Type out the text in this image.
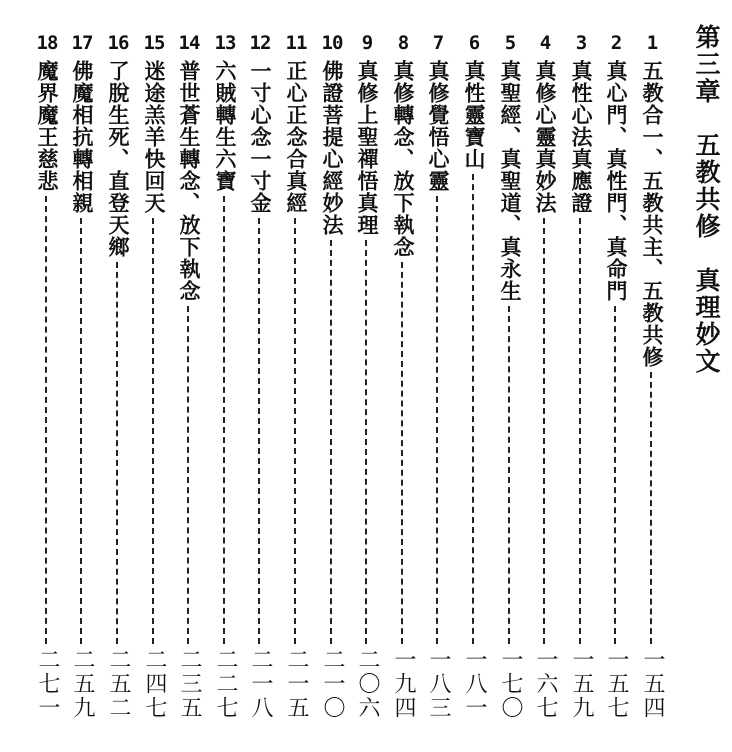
第三章　五教共修　真理妙文
1
五教合一、五教共主、五教共修
一五四
2
真心門、真性門、真命門
一五七
3
真性心法真應證
一五九
4
真修心靈真妙法
一六七
5
真聖經、真聖道、真永生
一七〇
6
真性靈寶山
一八一
7
真修覺悟心靈
一八三
8
真修轉念、放下執念
一九四
9
真修上聖禪悟真理
二〇六
10
佛證菩提心經妙法
二一〇
11
正心正念合真經
二一五
12
一寸心念一寸金
二一八
13
六賊轉生六寶
二二七
14
普世蒼生轉念、放下執念
二三五
15
迷途羔羊快回天
二四七
16
了脫生死、直登天鄉
二五二
17
佛魔相抗轉相親
二五九
18
魔界魔王慈悲
二七一
